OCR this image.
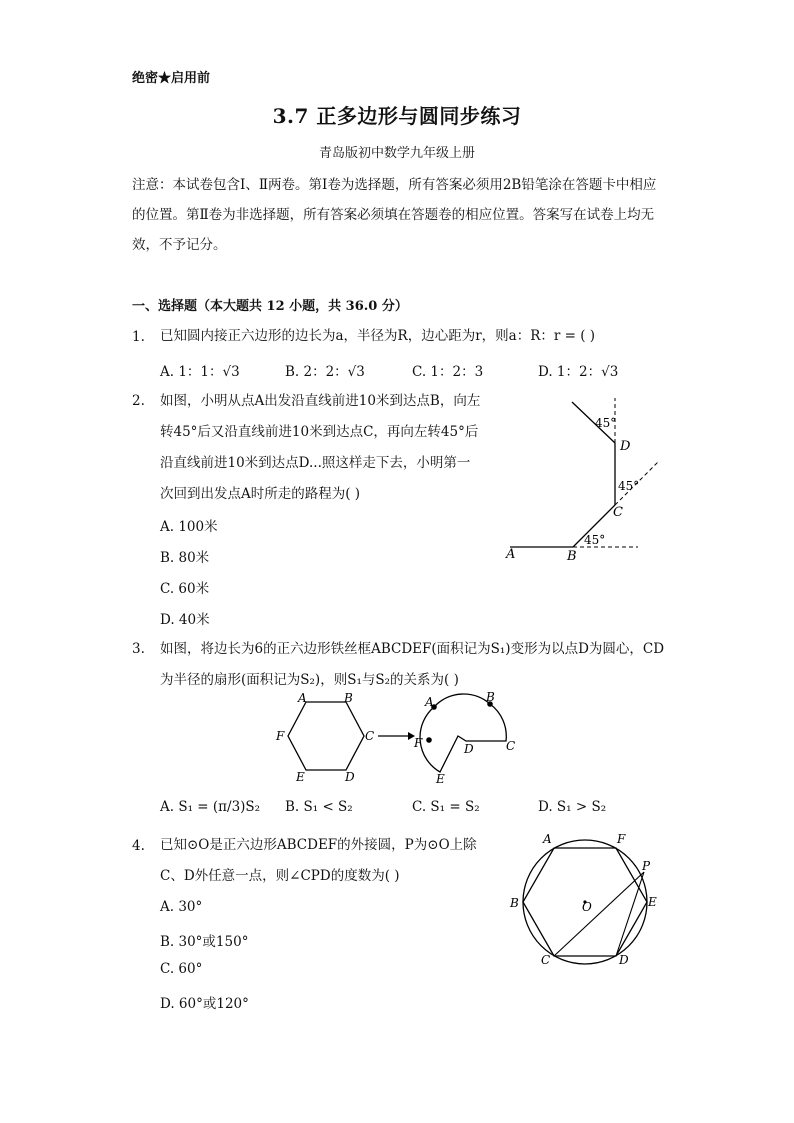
绝密★启用前
3.7 正多边形与圆同步练习
青岛版初中数学九年级上册
注意：本试卷包含Ⅰ、Ⅱ两卷。第Ⅰ卷为选择题，所有答案必须用2B铅笔涂在答题卡中相应的位置。第Ⅱ卷为非选择题，所有答案必须填在答题卷的相应位置。答案写在试卷上均无效，不予记分。
一、选择题（本大题共 12 小题，共 36.0 分）
1. 已知圆内接正六边形的边长为a，半径为R，边心距为r，则a：R：r = ( )
A. 1：1：√3	B. 2：2：√3	C. 1：2：3	D. 1：2：√3
2. 如图，小明从点A出发沿直线前进10米到达点B，向左
转45°后又沿直线前进10米到达点C，再向左转45°后
沿直线前进10米到达点D...照这样走下去，小明第一
次回到出发点A时所走的路程为( )
A. 100米
B. 80米
C. 60米
D. 40米
A	B
C
D
45°
45°
45°
3. 如图，将边长为6的正六边形铁丝框ABCDEF(面积记为S₁)变形为以点D为圆心，CD
为半径的扇形(面积记为S₂)，则S₁与S₂的关系为( )
A	B
C
D
E
F
A	B
C
D
E
F
A. S₁ = (π/3)S₂ B. S₁ < S₂	C. S₁ = S₂	D. S₁ > S₂
4. 已知⊙O是正六边形ABCDEF的外接圆，P为⊙O上除
C、D外任意一点，则∠CPD的度数为( )
A. 30°
B. 30°或150°
C. 60°
D. 60°或120°
A	F
P
E
D
C
B	O
